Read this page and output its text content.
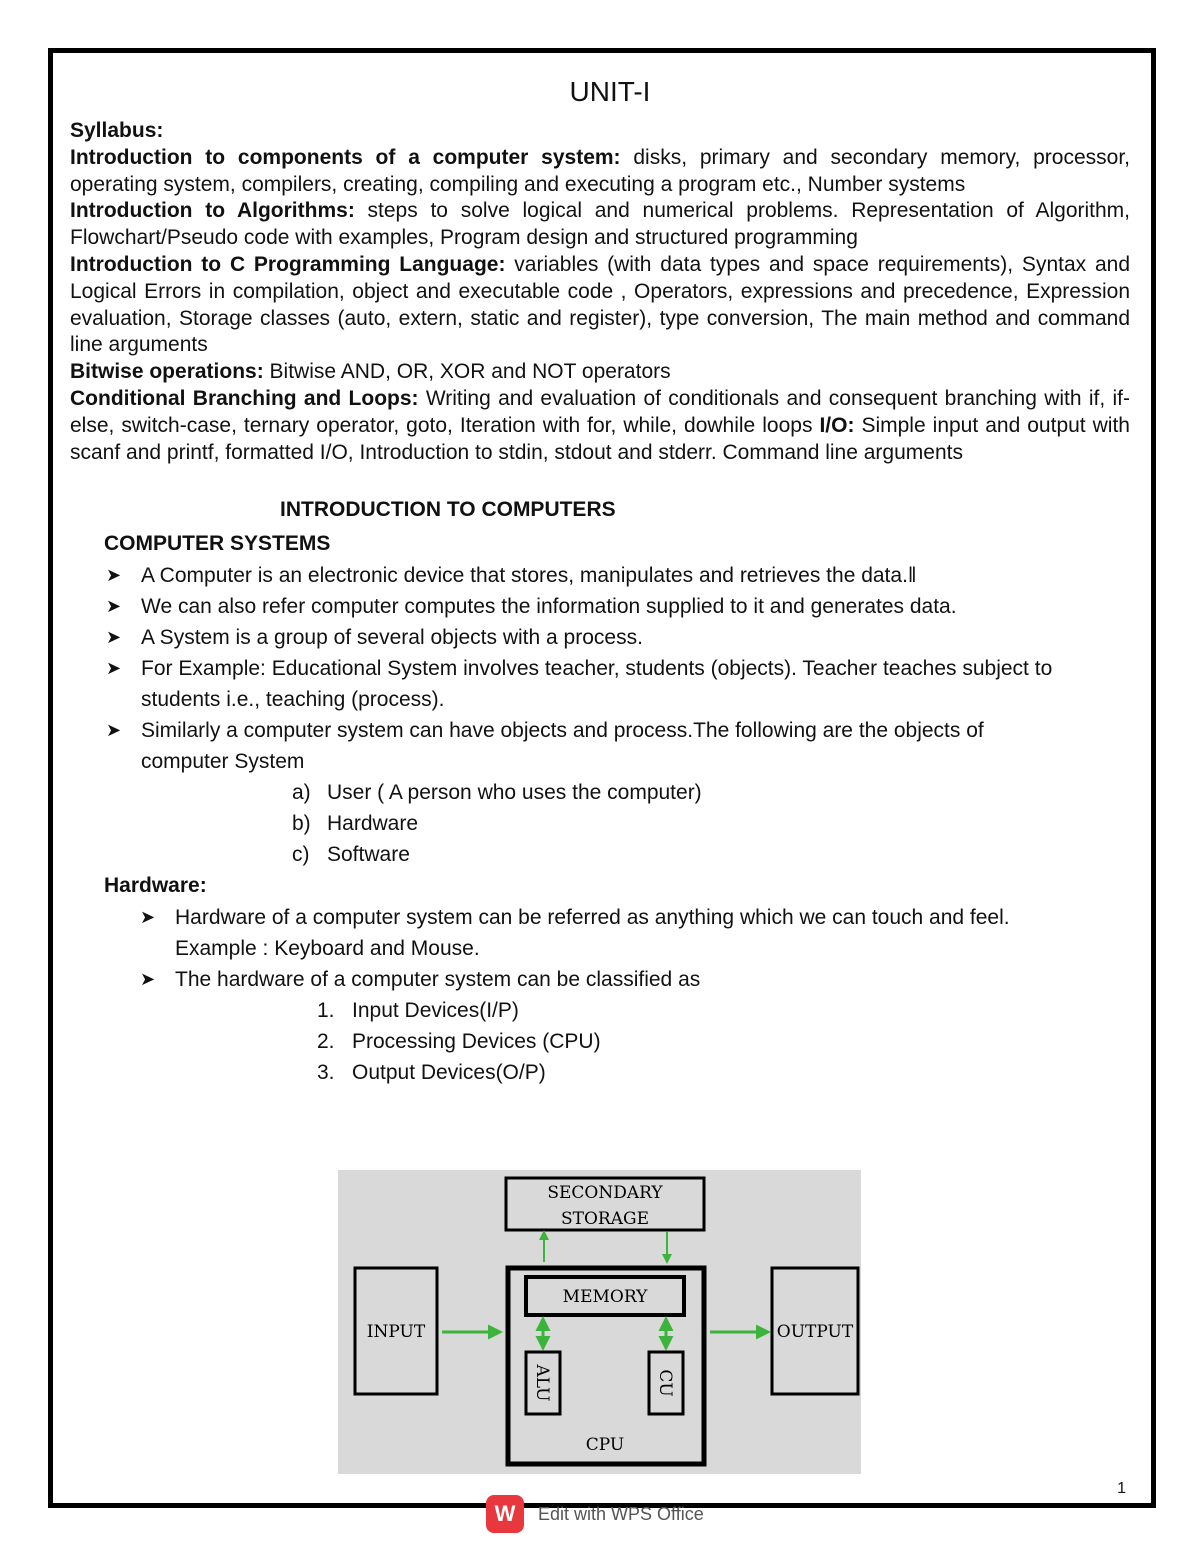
UNIT-I

Syllabus:

Introduction to components of a computer system: disks, primary and secondary memory, processor, operating system, compilers, creating, compiling and executing a program etc., Number systems

Introduction to Algorithms: steps to solve logical and numerical problems. Representation of Algorithm, Flowchart/Pseudo code with examples, Program design and structured programming

Introduction to C Programming Language: variables (with data types and space requirements), Syntax and Logical Errors in compilation, object and executable code , Operators, expressions and precedence, Expression evaluation, Storage classes (auto, extern, static and register), type conversion, The main method and command line arguments

Bitwise operations: Bitwise AND, OR, XOR and NOT operators

Conditional Branching and Loops: Writing and evaluation of conditionals and consequent branching with if, if-else, switch-case, ternary operator, goto, Iteration with for, while, dowhile loops I/O: Simple input and output with scanf and printf, formatted I/O, Introduction to stdin, stdout and stderr. Command line arguments

INTRODUCTION TO COMPUTERS
COMPUTER SYSTEMS
➤ A Computer is an electronic device that stores, manipulates and retrieves the data.‖
➤ We can also refer computer computes the information supplied to it and generates data.
➤ A System is a group of several objects with a process.
➤ For Example: Educational System involves teacher, students (objects). Teacher teaches subject to students i.e., teaching (process).
➤ Similarly a computer system can have objects and process.The following are the objects of computer System
a) User ( A person who uses the computer)
b) Hardware
c) Software
Hardware:
➤ Hardware of a computer system can be referred as anything which we can touch and feel. Example : Keyboard and Mouse.
➤ The hardware of a computer system can be classified as
1. Input Devices(I/P)
2. Processing Devices (CPU)
3. Output Devices(O/P)
SECONDARY
STORAGE
MEMORY
ALU	CU
CPU
INPUT	OUTPUT
1
W	Edit with WPS Office
